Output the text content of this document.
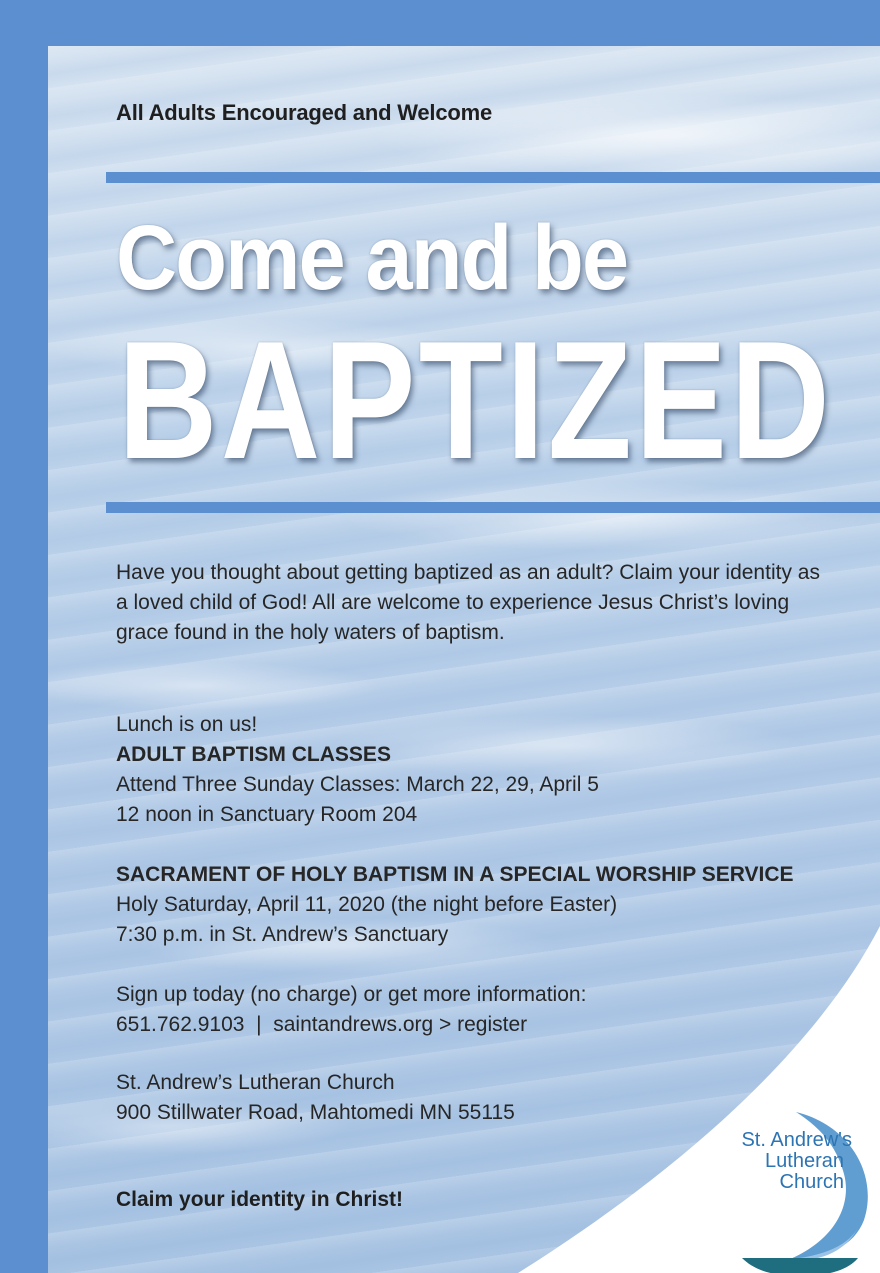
All Adults Encouraged and Welcome

Come and be
BAPTIZED

Have you thought about getting baptized as an adult? Claim your identity as a loved child of God! All are welcome to experience Jesus Christ’s loving grace found in the holy waters of baptism.

Lunch is on us!

ADULT BAPTISM CLASSES

Attend Three Sunday Classes: March 22, 29, April 5

12 noon in Sanctuary Room 204

SACRAMENT OF HOLY BAPTISM IN A SPECIAL WORSHIP SERVICE

Holy Saturday, April 11, 2020 (the night before Easter)

7:30 p.m. in St. Andrew’s Sanctuary

Sign up today (no charge) or get more information:

651.762.9103  |  saintandrews.org > register

St. Andrew’s Lutheran Church

900 Stillwater Road, Mahtomedi MN 55115

Claim your identity in Christ!

St. Andrew's
Lutheran
Church
